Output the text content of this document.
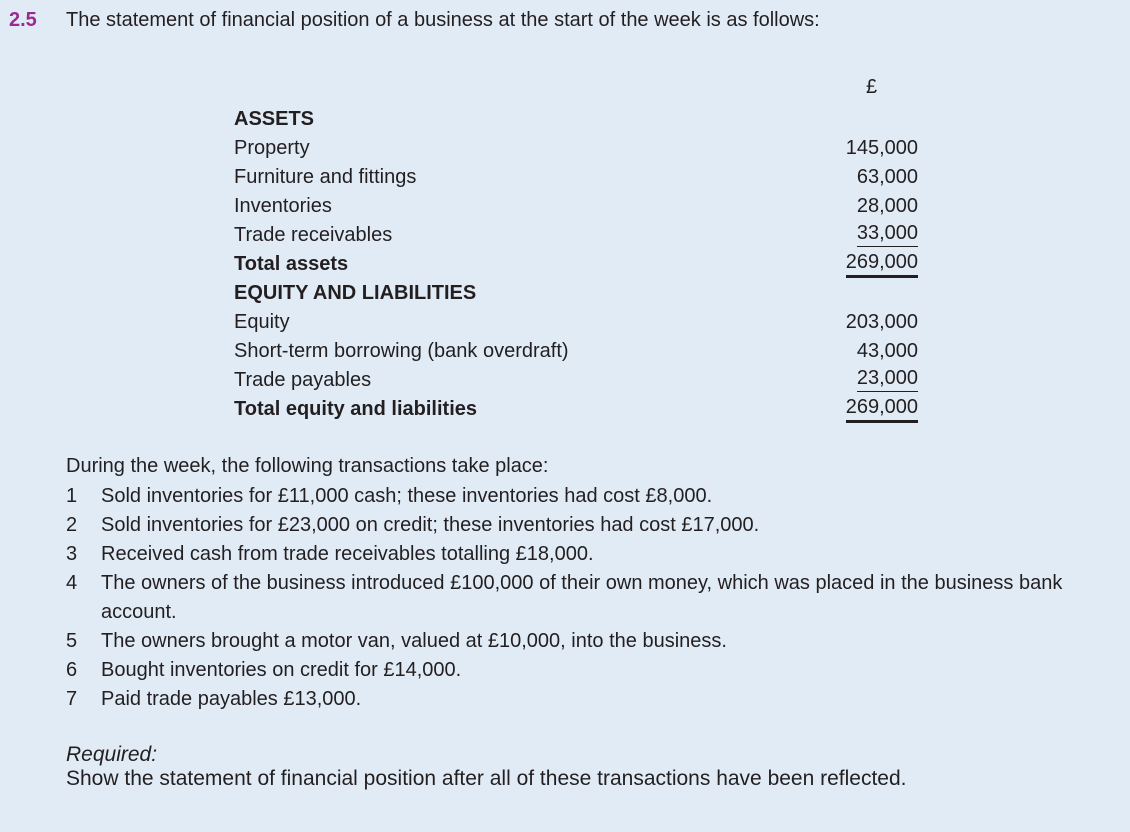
2.5 The statement of financial position of a business at the start of the week is as follows:
£
ASSETS
Property	145,000
Furniture and fittings	63,000
Inventories	28,000
Trade receivables	33,000
Total assets	269,000
EQUITY AND LIABILITIES
Equity	203,000
Short-term borrowing (bank overdraft)	43,000
Trade payables	23,000
Total equity and liabilities	269,000
During the week, the following transactions take place:
1 Sold inventories for £11,000 cash; these inventories had cost £8,000.
2 Sold inventories for £23,000 on credit; these inventories had cost £17,000.
3 Received cash from trade receivables totalling £18,000.
4 The owners of the business introduced £100,000 of their own money, which was placed in the business bank account.
5 The owners brought a motor van, valued at £10,000, into the business.
6 Bought inventories on credit for £14,000.
7 Paid trade payables £13,000.
Required:
Show the statement of financial position after all of these transactions have been reflected.
